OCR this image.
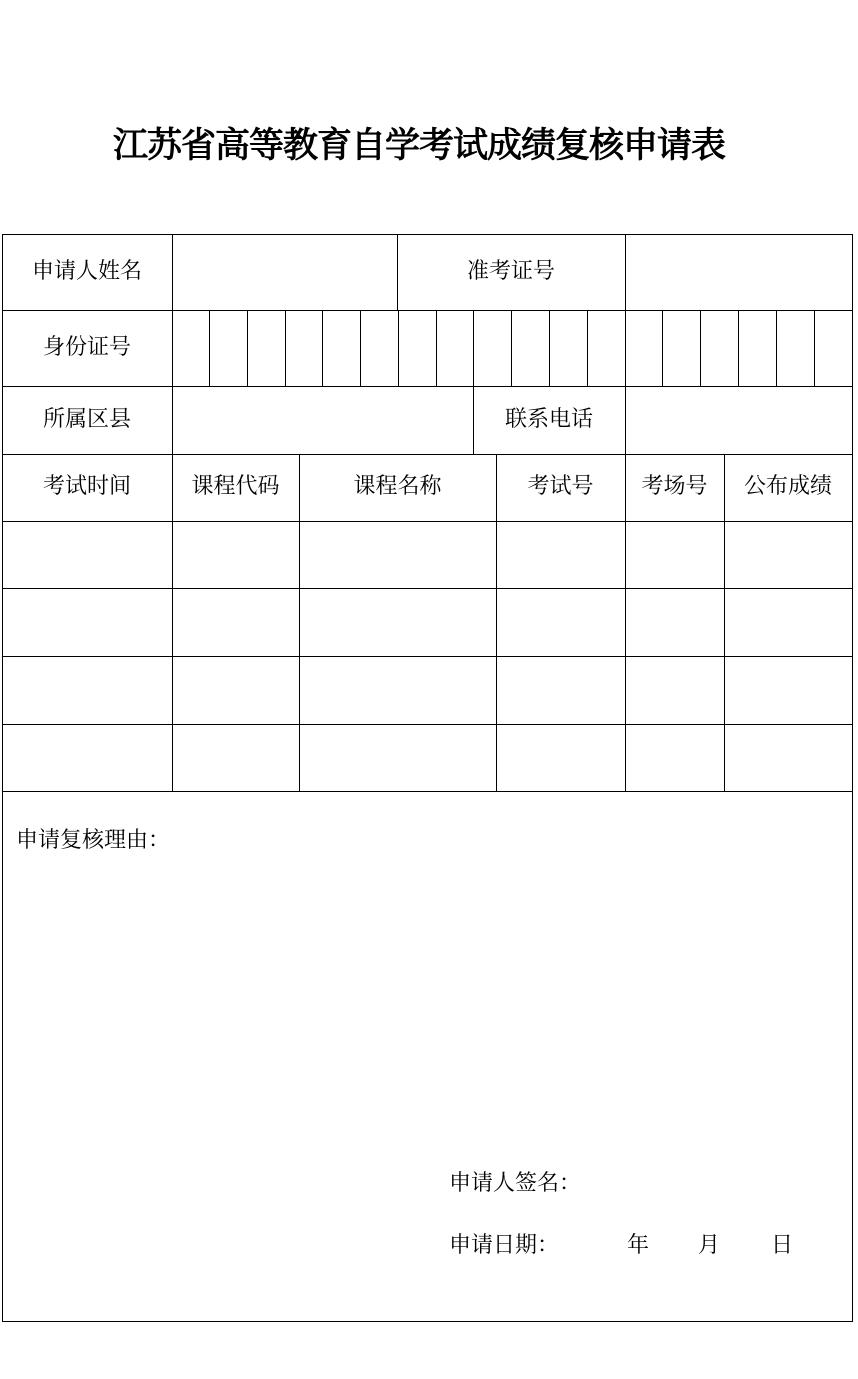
江苏省高等教育自学考试成绩复核申请表
申请人姓名	准考证号
身份证号
所属区县	联系电话
考试时间	课程代码	课程名称	考试号	考场号	公布成绩
申请复核理由：
申请人签名：
申请日期：	年 月 日
